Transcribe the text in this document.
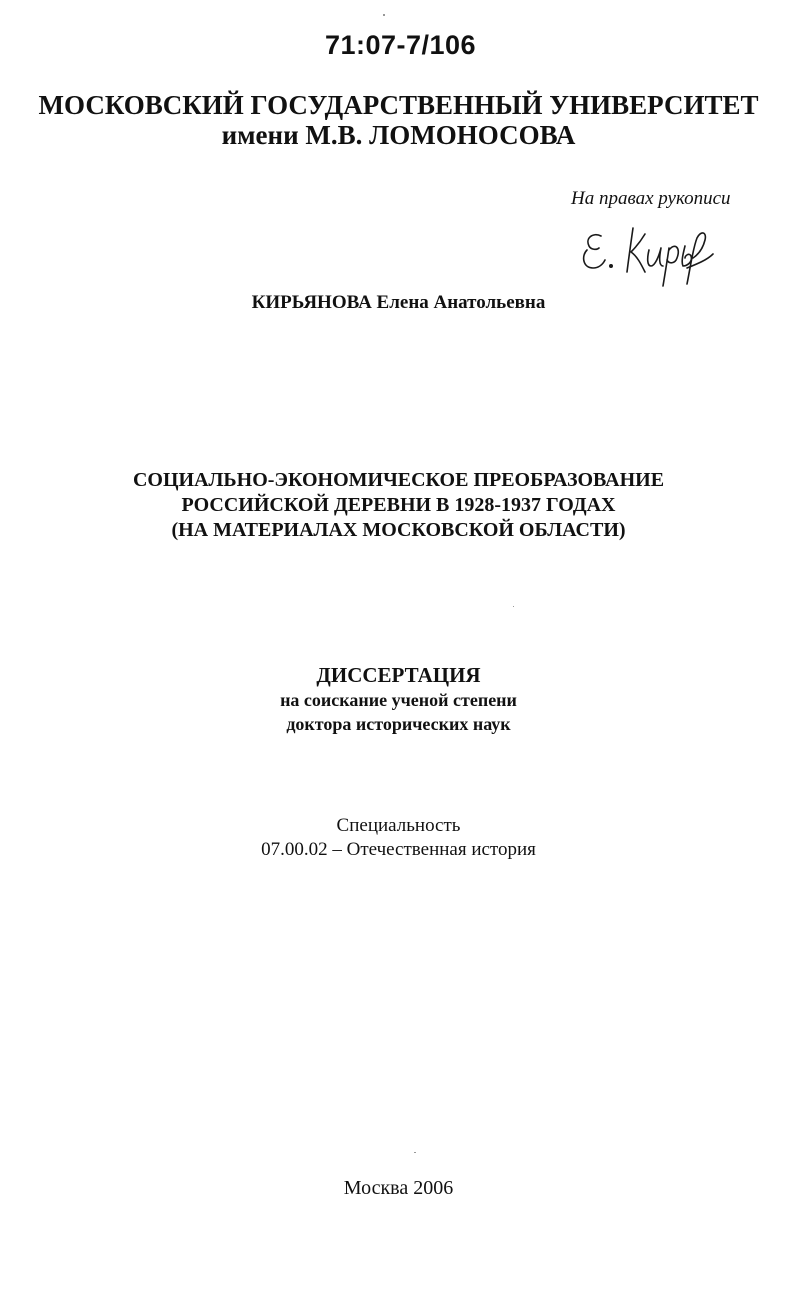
71:07-7/106
МОСКОВСКИЙ ГОСУДАРСТВЕННЫЙ УНИВЕРСИТЕТ
имени М.В. ЛОМОНОСОВА
На правах рукописи
КИРЬЯНОВА Елена Анатольевна
СОЦИАЛЬНО-ЭКОНОМИЧЕСКОЕ ПРЕОБРАЗОВАНИЕ
РОССИЙСКОЙ ДЕРЕВНИ В 1928-1937 ГОДАХ
(НА МАТЕРИАЛАХ МОСКОВСКОЙ ОБЛАСТИ)
ДИССЕРТАЦИЯ
на соискание ученой степени
доктора исторических наук
Специальность
07.00.02 – Отечественная история
Москва 2006
